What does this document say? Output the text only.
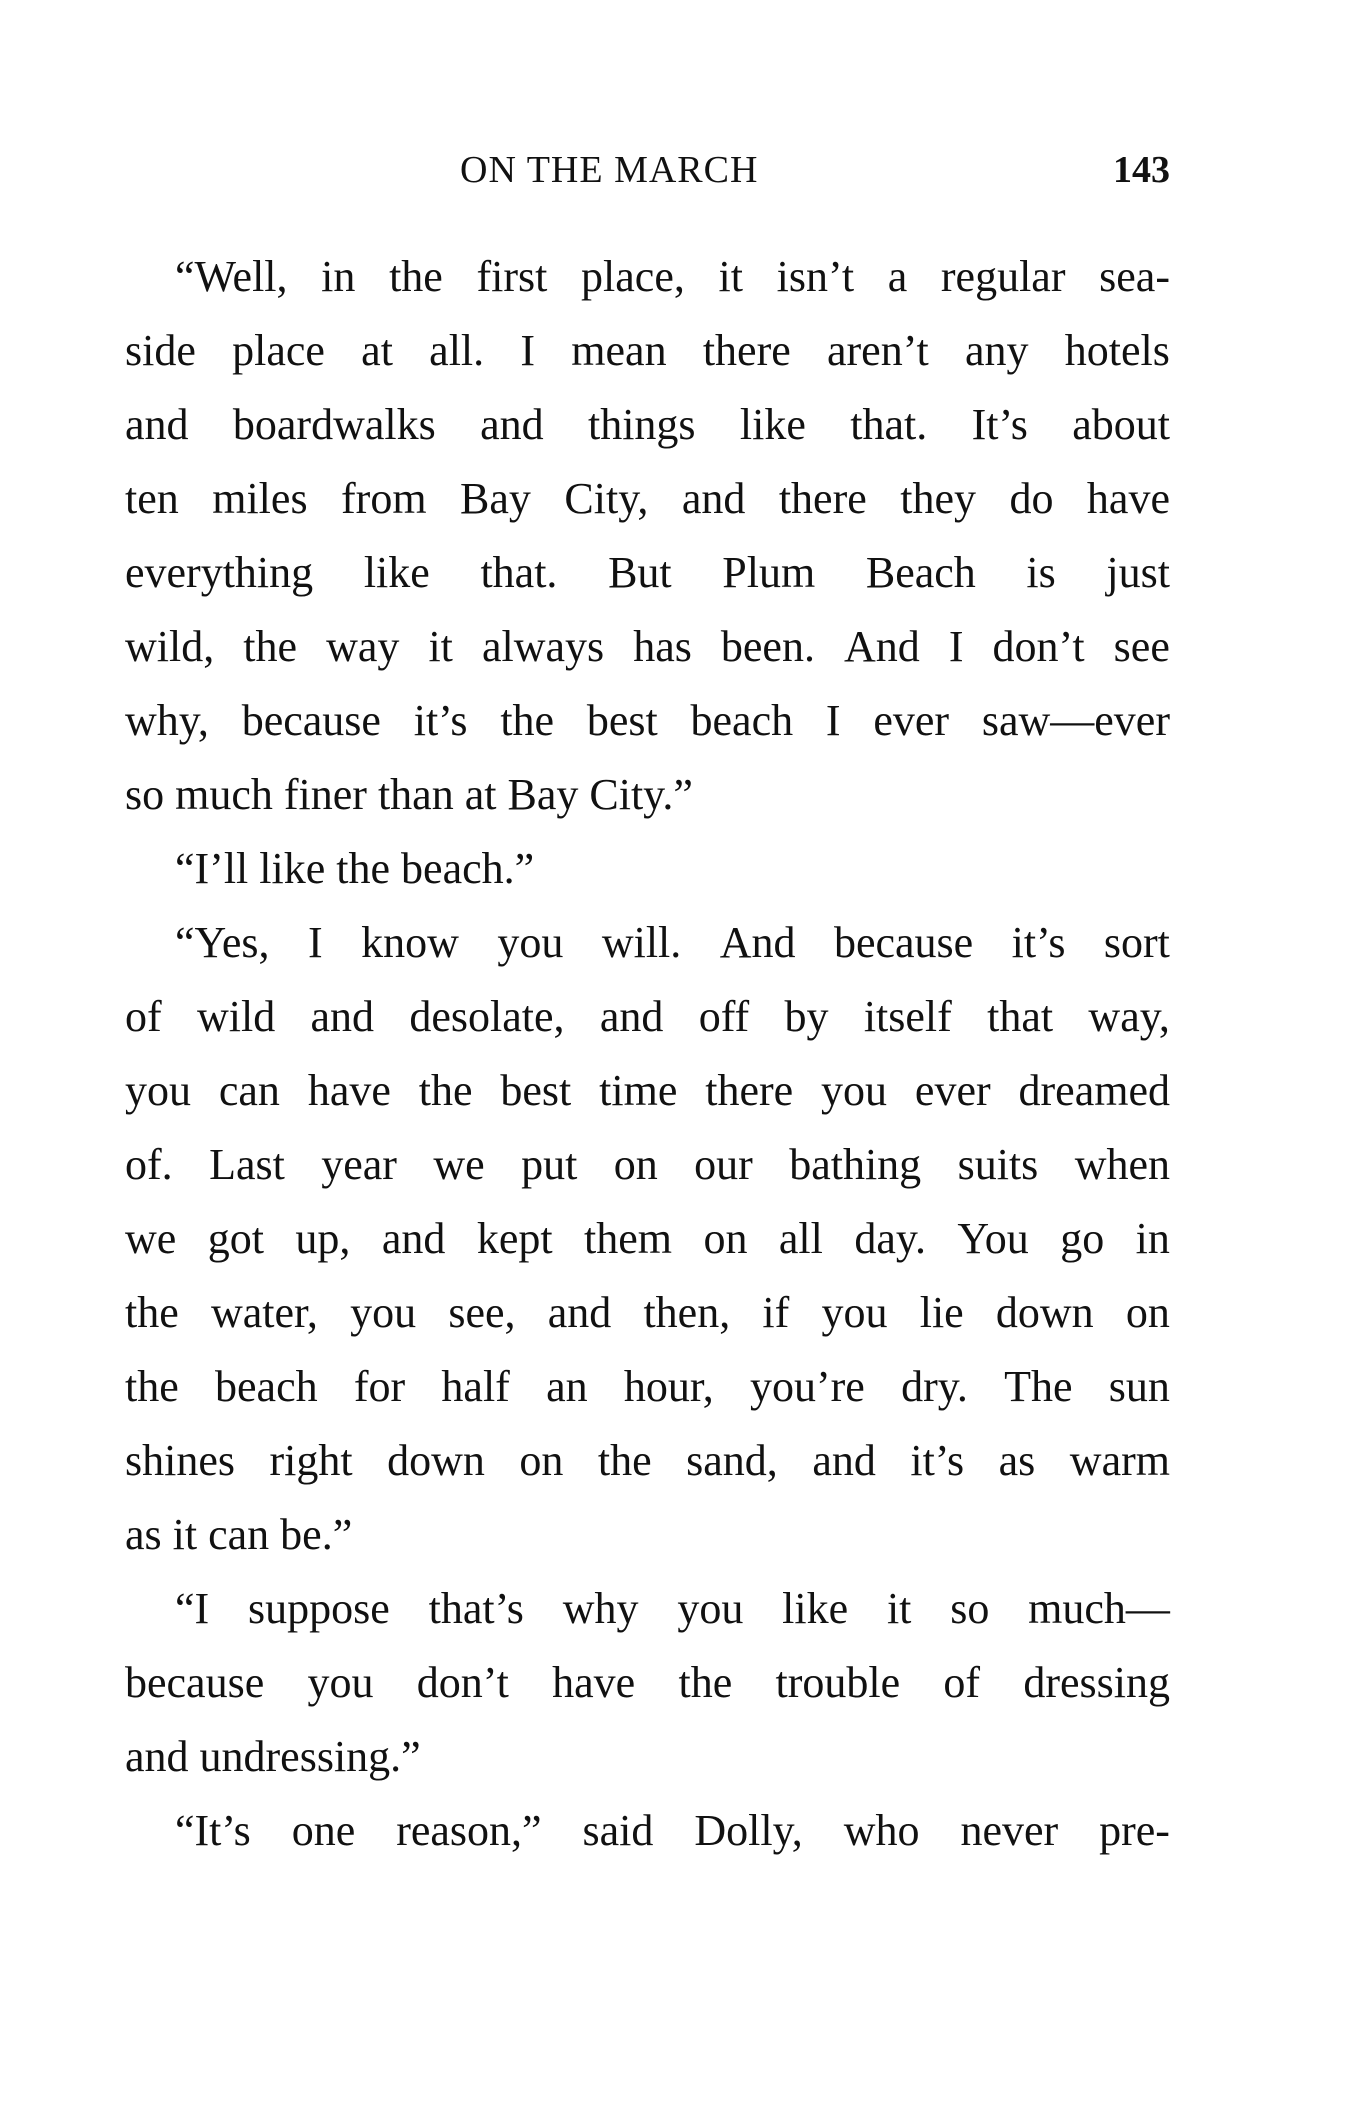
ON THE MARCH	143
“Well, in the first place, it isn’t a regular sea-
side place at all. I mean there aren’t any hotels
and boardwalks and things like that. It’s about
ten miles from Bay City, and there they do have
everything like that. But Plum Beach is just
wild, the way it always has been. And I don’t see
why, because it’s the best beach I ever saw—ever
so much finer than at Bay City.”
“I’ll like the beach.”
“Yes, I know you will. And because it’s sort
of wild and desolate, and off by itself that way,
you can have the best time there you ever dreamed
of. Last year we put on our bathing suits when
we got up, and kept them on all day. You go in
the water, you see, and then, if you lie down on
the beach for half an hour, you’re dry. The sun
shines right down on the sand, and it’s as warm
as it can be.”
“I suppose that’s why you like it so much—
because you don’t have the trouble of dressing
and undressing.”
“It’s one reason,” said Dolly, who never pre-
